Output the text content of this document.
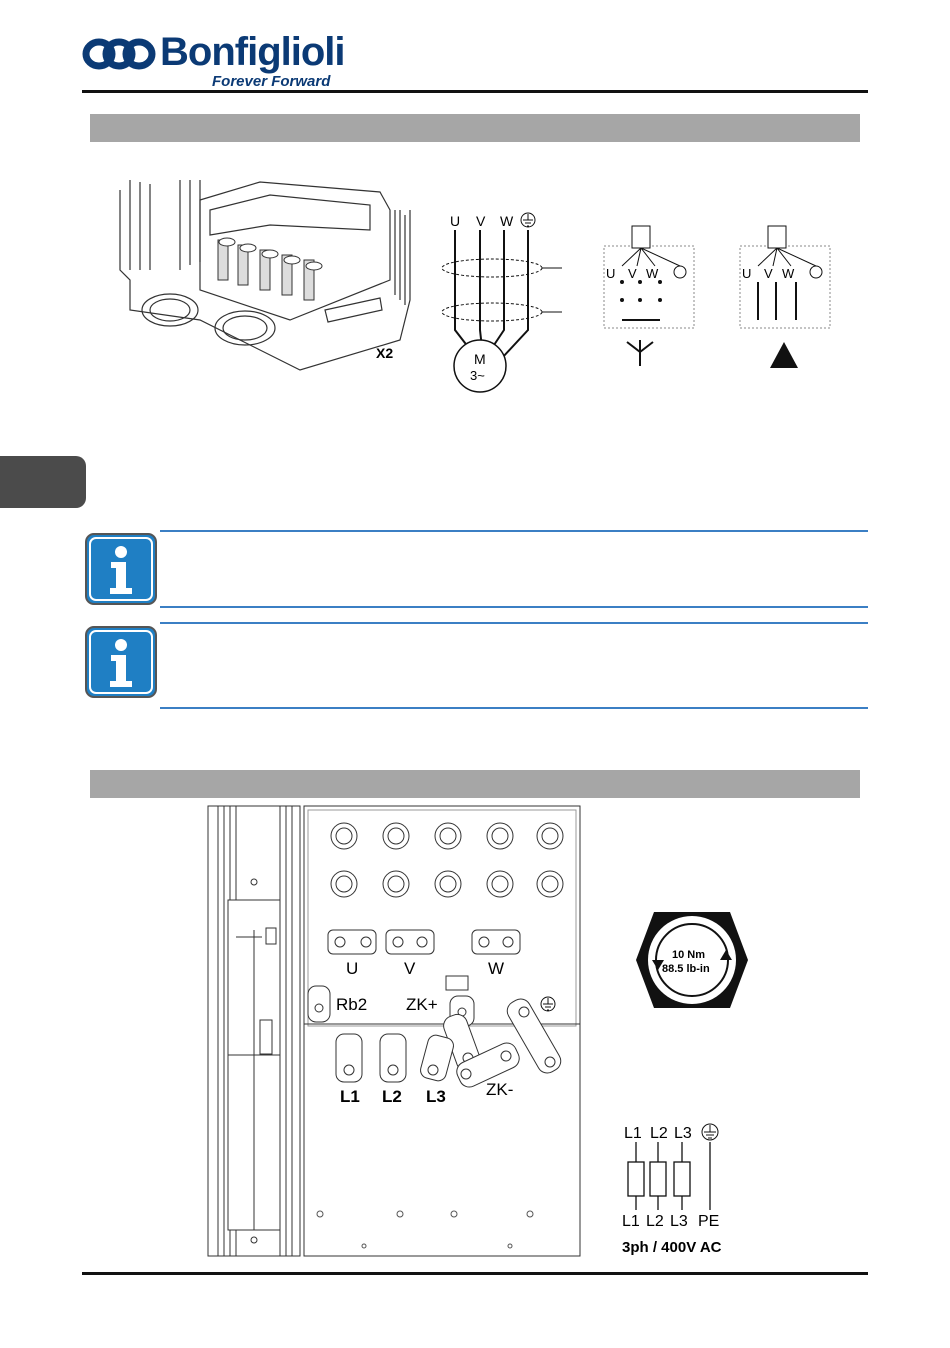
Bonfiglioli
Forever Forward
X2
U V W
M
3~
U V W	U V W
U	V	W
Rb2 ZK+
ZK-
L1 L2 L3
10 Nm
88.5 lb-in
L1 L2 L3
L1 L2 L3 PE
3ph / 400V AC
